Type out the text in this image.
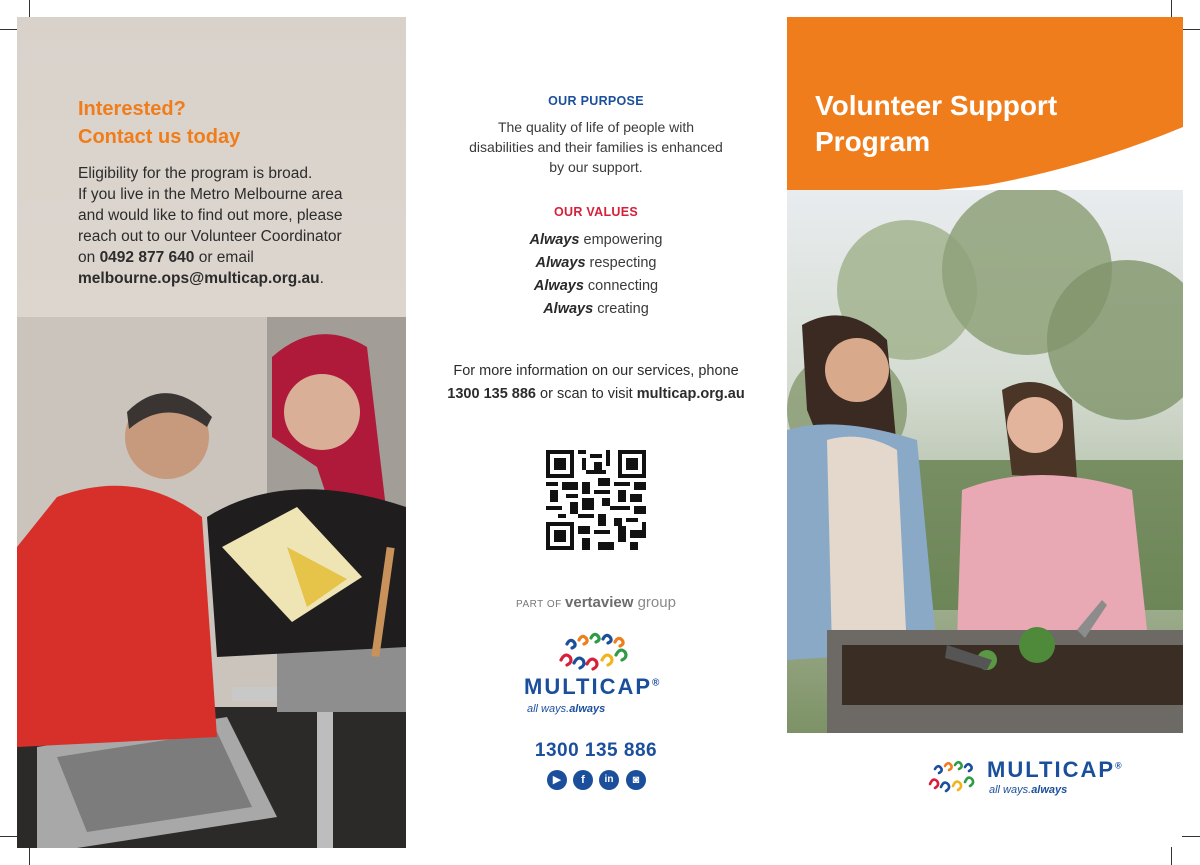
Interested?
Contact us today
Eligibility for the program is broad.
If you live in the Metro Melbourne area
and would like to find out more, please
reach out to our Volunteer Coordinator
on 0492 877 640 or email
melbourne.ops@multicap.org.au.
OUR PURPOSE
The quality of life of people with
disabilities and their families is enhanced
by our support.
OUR VALUES
Always empowering
Always respecting
Always connecting
Always creating
For more information on our services, phone
1300 135 886 or scan to visit multicap.org.au
PART OF vertaview group
MULTICAP®
all ways.always
1300 135 886
▶	f	in	◙
Volunteer Support
Program
MULTICAP®
all ways.always
